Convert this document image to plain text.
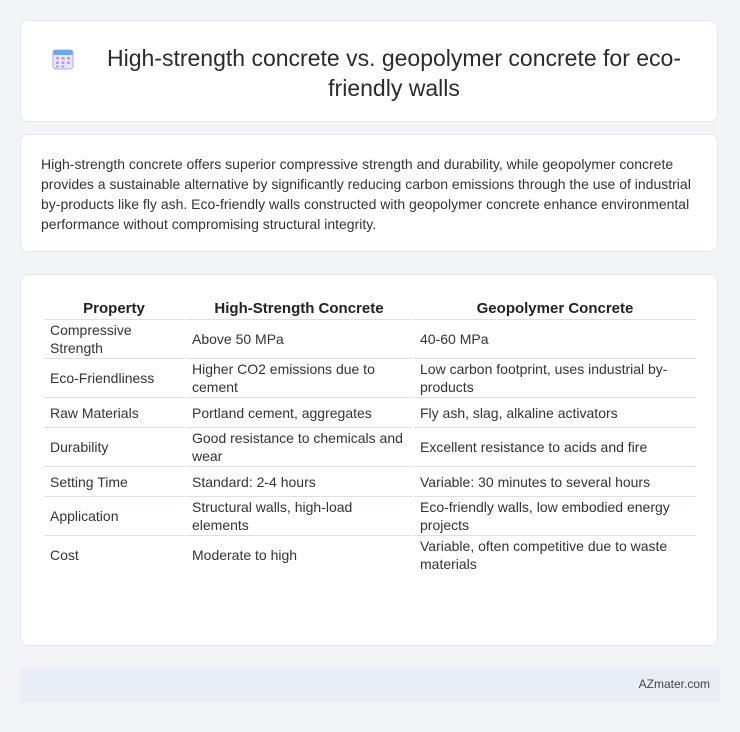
High-strength concrete vs. geopolymer concrete for eco-friendly walls
High-strength concrete offers superior compressive strength and durability, while geopolymer concrete provides a sustainable alternative by significantly reducing carbon emissions through the use of industrial by-products like fly ash. Eco-friendly walls constructed with geopolymer concrete enhance environmental performance without compromising structural integrity.
Property	High-Strength Concrete	Geopolymer Concrete
Compressive Strength	Above 50 MPa	40-60 MPa
Eco-Friendliness	Higher CO2 emissions due to cement	Low carbon footprint, uses industrial by-products
Raw Materials	Portland cement, aggregates	Fly ash, slag, alkaline activators
Durability	Good resistance to chemicals and wear	Excellent resistance to acids and fire
Setting Time	Standard: 2-4 hours	Variable: 30 minutes to several hours
Application	Structural walls, high-load elements	Eco-friendly walls, low embodied energy projects
Cost	Moderate to high	Variable, often competitive due to waste materials
AZmater.com
